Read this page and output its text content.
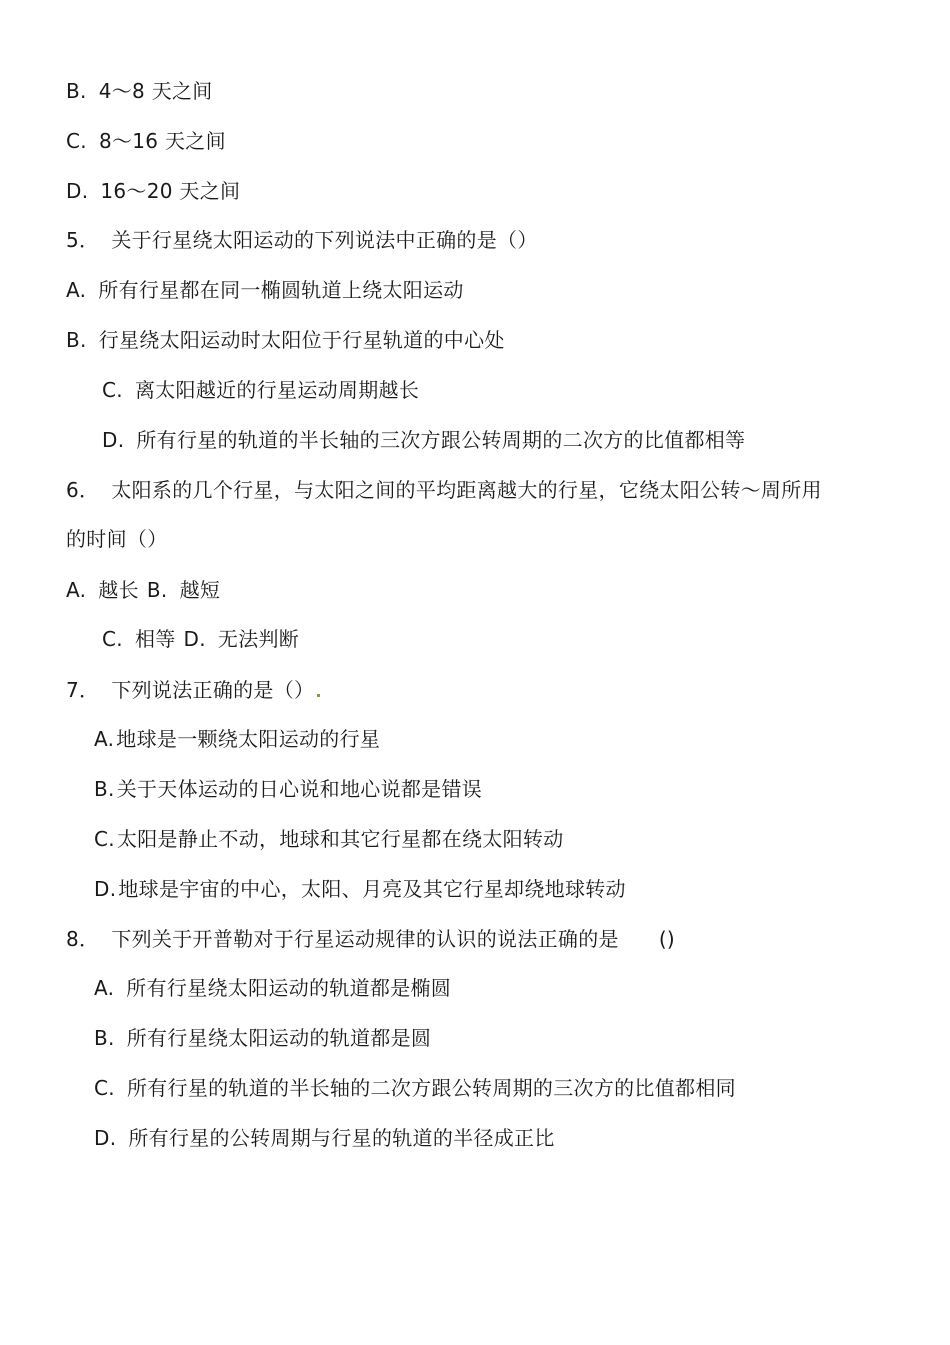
B. 4～8 天之间
C. 8～16 天之间
D. 16～20 天之间
5． 关于行星绕太阳运动的下列说法中正确的是（）
A. 所有行星都在同一椭圆轨道上绕太阳运动
B. 行星绕太阳运动时太阳位于行星轨道的中心处
C. 离太阳越近的行星运动周期越长
D. 所有行星的轨道的半长轴的三次方跟公转周期的二次方的比值都相等
6． 太阳系的几个行星，与太阳之间的平均距离越大的行星，它绕太阳公转～周所用
的时间（）
A. 越长 B. 越短
C. 相等 D. 无法判断
7． 下列说法正确的是（）
A. 地球是一颗绕太阳运动的行星
B. 关于天体运动的日心说和地心说都是错误
C. 太阳是静止不动，地球和其它行星都在绕太阳转动
D. 地球是宇宙的中心，太阳、月亮及其它行星却绕地球转动
8． 下列关于开普勒对于行星运动规律的认识的说法正确的是 ()
A. 所有行星绕太阳运动的轨道都是椭圆
B. 所有行星绕太阳运动的轨道都是圆
C. 所有行星的轨道的半长轴的二次方跟公转周期的三次方的比值都相同
D. 所有行星的公转周期与行星的轨道的半径成正比
